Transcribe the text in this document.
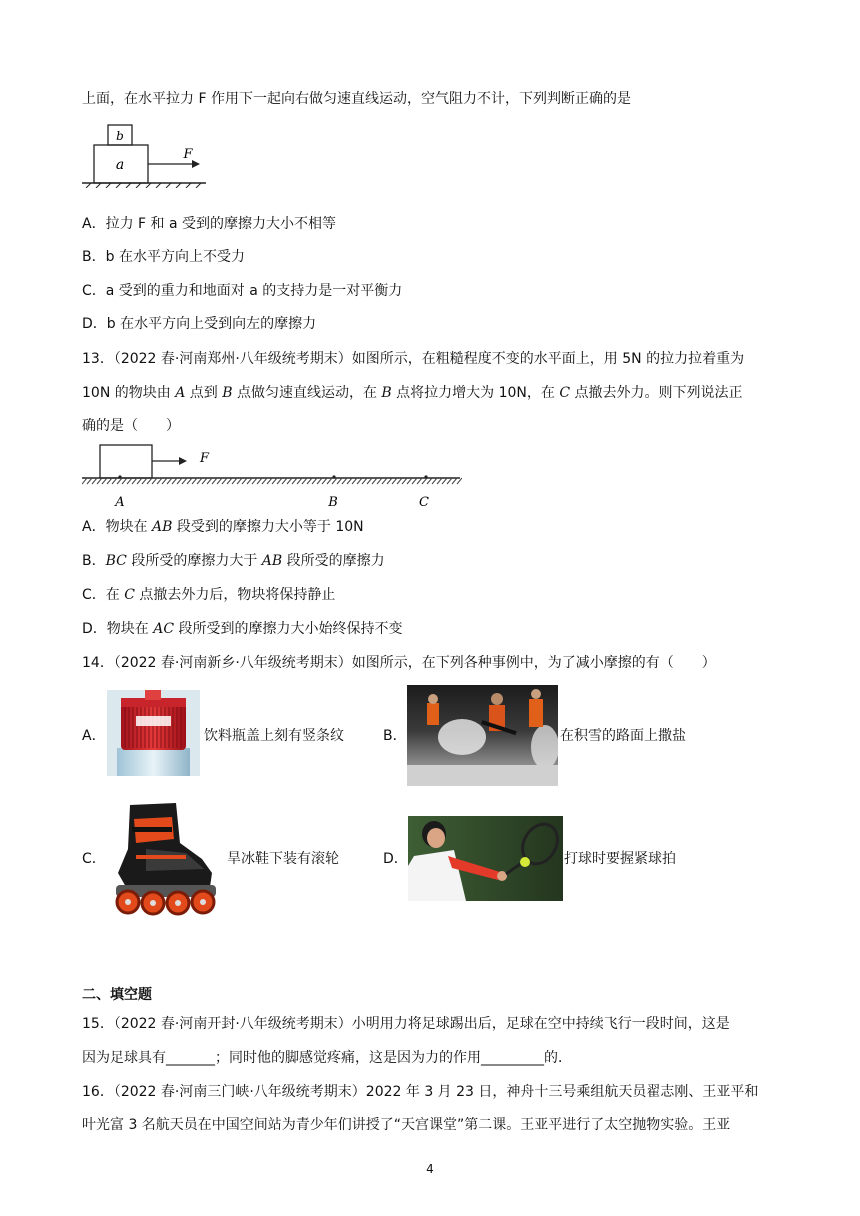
上面，在水平拉力 F 作用下一起向右做匀速直线运动，空气阻力不计，下列判断正确的是
b
a
F
A．拉力 F 和 a 受到的摩擦力大小不相等
B．b 在水平方向上不受力
C．a 受到的重力和地面对 a 的支持力是一对平衡力
D．b 在水平方向上受到向左的摩擦力
13．（2022 春·河南郑州·八年级统考期末）如图所示，在粗糙程度不变的水平面上，用 5N 的拉力拉着重为
10N 的物块由 A 点到 B 点做匀速直线运动，在 B 点将拉力增大为 10N，在 C 点撤去外力。则下列说法正
确的是（　　）
F
A	B	C
A．物块在 AB 段受到的摩擦力大小等于 10N
B．BC 段所受的摩擦力大于 AB 段所受的摩擦力
C．在 C 点撤去外力后，物块将保持静止
D．物块在 AC 段所受到的摩擦力大小始终保持不变
14．（2022 春·河南新乡·八年级统考期末）如图所示，在下列各种事例中，为了减小摩擦的有（　　）
A．	饮料瓶盖上刻有竖条纹	B．	在积雪的路面上撒盐
C．	旱冰鞋下装有滚轮	D．	打球时要握紧球拍
二、填空题
15．（2022 春·河南开封·八年级统考期末）小明用力将足球踢出后，足球在空中持续飞行一段时间，这是
因为足球具有_______；同时他的脚感觉疼痛，这是因为力的作用_________的．
16．（2022 春·河南三门峡·八年级统考期末）2022 年 3 月 23 日，神舟十三号乘组航天员翟志刚、王亚平和
叶光富 3 名航天员在中国空间站为青少年们讲授了“天宫课堂”第二课。王亚平进行了太空抛物实验。王亚
4
